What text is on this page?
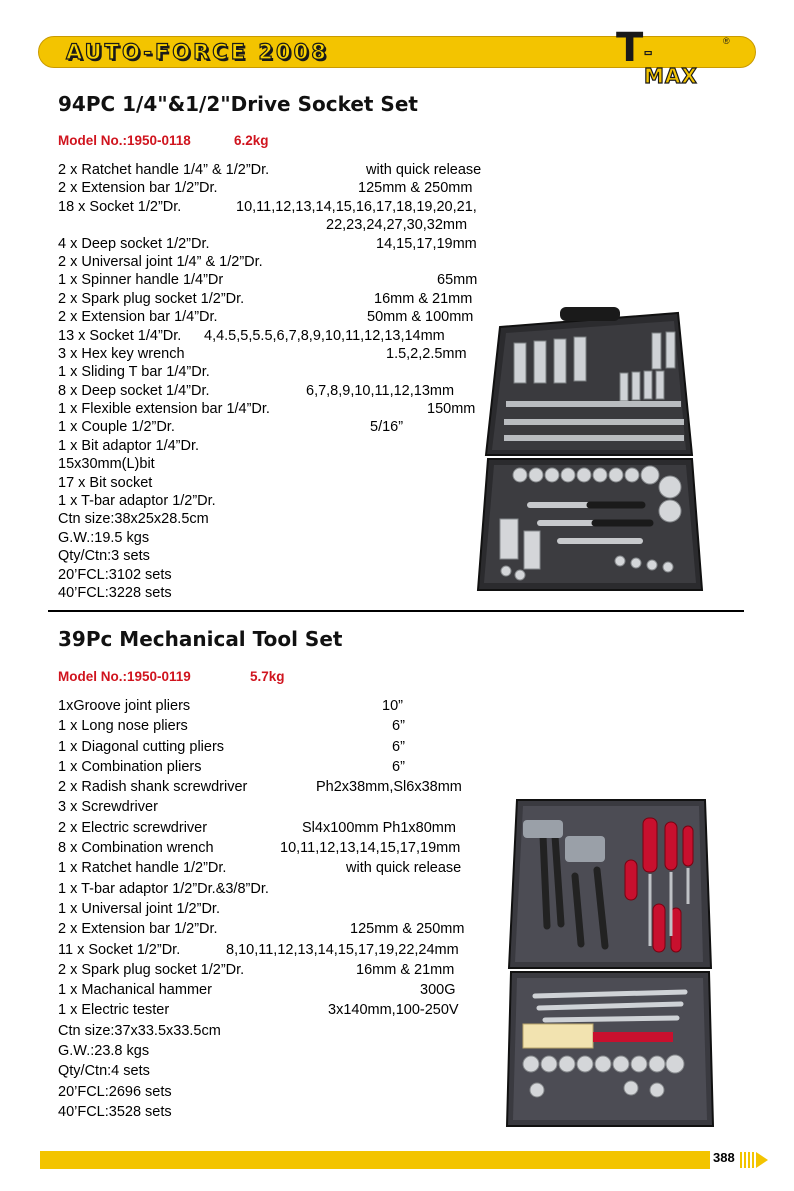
AUTO-FORCE 2008	T -MAX
®
94PC 1/4"&1/2"Drive Socket Set
Model No.:1950-0118	6.2kg
2 x Ratchet handle 1/4” & 1/2”Dr.	with quick release
2 x Extension bar 1/2”Dr.	125mm & 250mm
18 x Socket 1/2”Dr.	10,11,12,13,14,15,16,17,18,19,20,21,
22,23,24,27,30,32mm
4 x Deep socket 1/2”Dr.	14,15,17,19mm
2 x Universal joint 1/4” & 1/2”Dr.
1 x Spinner handle 1/4”Dr	65mm
2 x Spark plug socket 1/2”Dr.	16mm & 21mm
2 x Extension bar 1/4”Dr.	50mm & 100mm
13 x Socket 1/4”Dr. 4,4.5,5,5.5,6,7,8,9,10,11,12,13,14mm
3 x Hex key wrench	1.5,2,2.5mm
1 x Sliding T bar 1/4”Dr.
8 x Deep socket 1/4”Dr.	6,7,8,9,10,11,12,13mm
1 x Flexible extension bar 1/4”Dr.	150mm
1 x Couple 1/2”Dr.	5/16”
1 x Bit adaptor 1/4”Dr.
15x30mm(L)bit
17 x Bit socket
1 x T-bar adaptor 1/2”Dr.
Ctn size:38x25x28.5cm
G.W.:19.5 kgs
Qty/Ctn:3 sets
20’FCL:3102 sets
40’FCL:3228 sets
39Pc Mechanical Tool Set
Model No.:1950-0119	5.7kg
1xGroove joint pliers	10”
1 x Long nose pliers	6”
1 x Diagonal cutting pliers	6”
1 x Combination pliers	6”
2 x Radish shank screwdriver	Ph2x38mm,Sl6x38mm
3 x Screwdriver
2 x Electric screwdriver	Sl4x100mm Ph1x80mm
8 x Combination wrench	10,11,12,13,14,15,17,19mm
1 x Ratchet handle 1/2”Dr.	with quick release
1 x T-bar adaptor 1/2”Dr.&3/8”Dr.
1 x Universal joint 1/2”Dr.
2 x Extension bar 1/2”Dr.	125mm & 250mm
11 x Socket 1/2”Dr.	8,10,11,12,13,14,15,17,19,22,24mm
2 x Spark plug socket 1/2”Dr.	16mm & 21mm
1 x Machanical hammer	300G
1 x Electric tester	3x140mm,100-250V
Ctn size:37x33.5x33.5cm
G.W.:23.8 kgs
Qty/Ctn:4 sets
20’FCL:2696 sets
40’FCL:3528 sets
388
